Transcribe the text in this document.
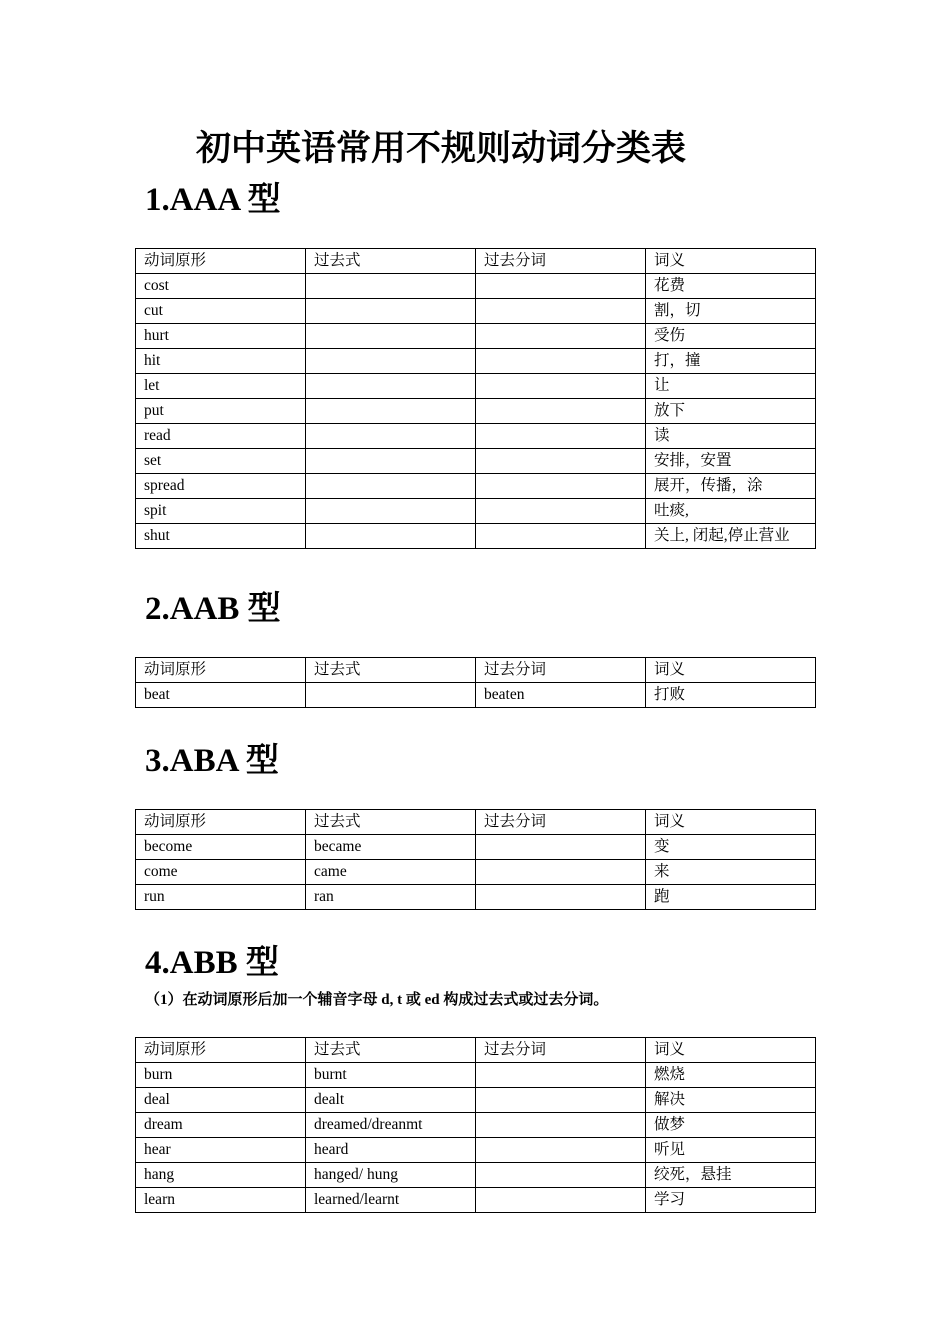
初中英语常用不规则动词分类表
1.AAA 型
动词原形	过去式	过去分词	词义
cost			花费
cut			割，切
hurt			受伤
hit			打，撞
let			让
put			放下
read			读
set			安排，安置
spread			展开，传播，涂
spit			吐痰,
shut			关上, 闭起,停止营业
2.AAB 型
动词原形	过去式	过去分词	词义
beat		beaten	打败
3.ABA 型
动词原形	过去式	过去分词	词义
become	became		变
come	came		来
run	ran		跑
4.ABB 型
（1）在动词原形后加一个辅音字母 d, t 或 ed 构成过去式或过去分词。
动词原形	过去式	过去分词	词义
burn	burnt		燃烧
deal	dealt		解决
dream	dreamed/dreanmt		做梦
hear	heard		听见
hang	hanged/ hung		绞死，悬挂
learn	learned/learnt		学习
